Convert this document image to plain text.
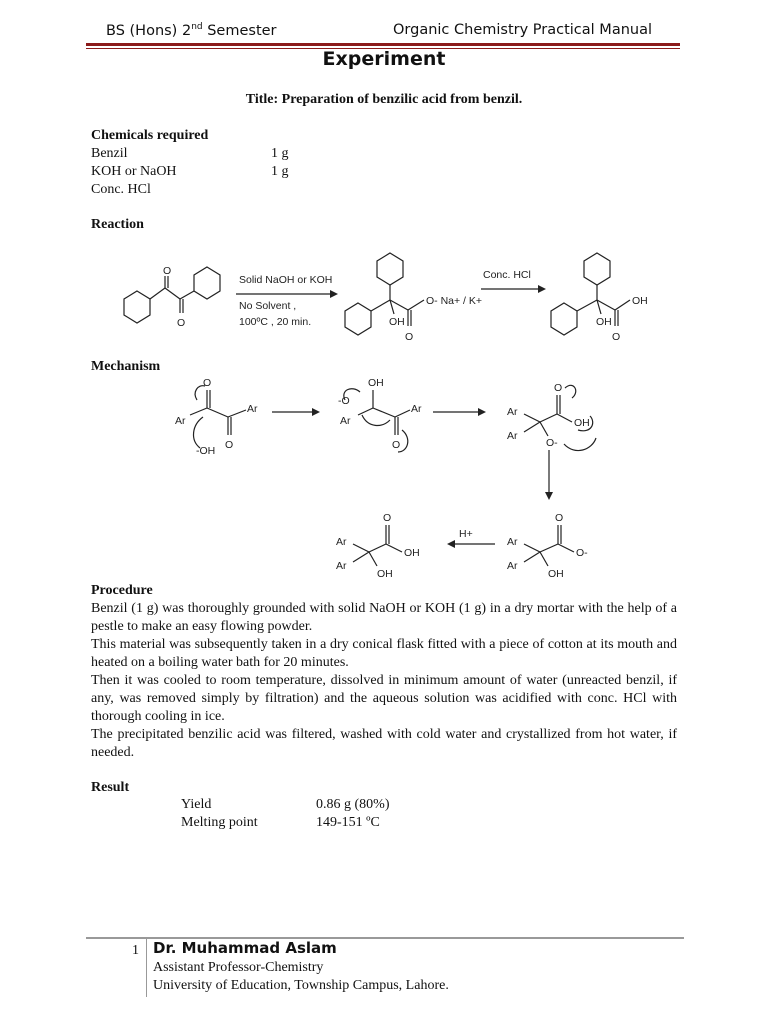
BS (Hons) 2nd Semester	Organic Chemistry Practical Manual
Experiment
Title: Preparation of benzilic acid from benzil.
Chemicals required
Benzil	1 g
KOH or NaOH	1 g
Conc. HCl
Reaction
O
O
Solid NaOH or KOH
No Solvent ,
100ºC , 20 min.
O- Na+ / K+
OH
O
Conc. HCl
OH
OH
O
Mechanism
Ar
O
Ar
O
-OH
-O
OH
Ar
Ar
O
Ar
Ar
O
OH
O-
Ar
Ar
O
O-
OH
H+
Ar
Ar
O
OH
OH
Procedure
Benzil (1 g) was thoroughly grounded with solid NaOH or KOH (1 g) in a dry mortar with the help of a pestle to make an easy flowing powder.
This material was subsequently taken in a dry conical flask fitted with a piece of cotton at its mouth and heated on a boiling water bath for 20 minutes.
Then it was cooled to room temperature, dissolved in minimum amount of water (unreacted benzil, if any, was removed simply by filtration) and the aqueous solution was acidified with conc. HCl with thorough cooling in ice.
The precipitated benzilic acid was filtered, washed with cold water and crystallized from hot water, if needed.
Result
Yield	0.86 g (80%)
Melting point	149-151 ºC
1 Dr. Muhammad Aslam
Assistant Professor-Chemistry
University of Education, Township Campus, Lahore.
